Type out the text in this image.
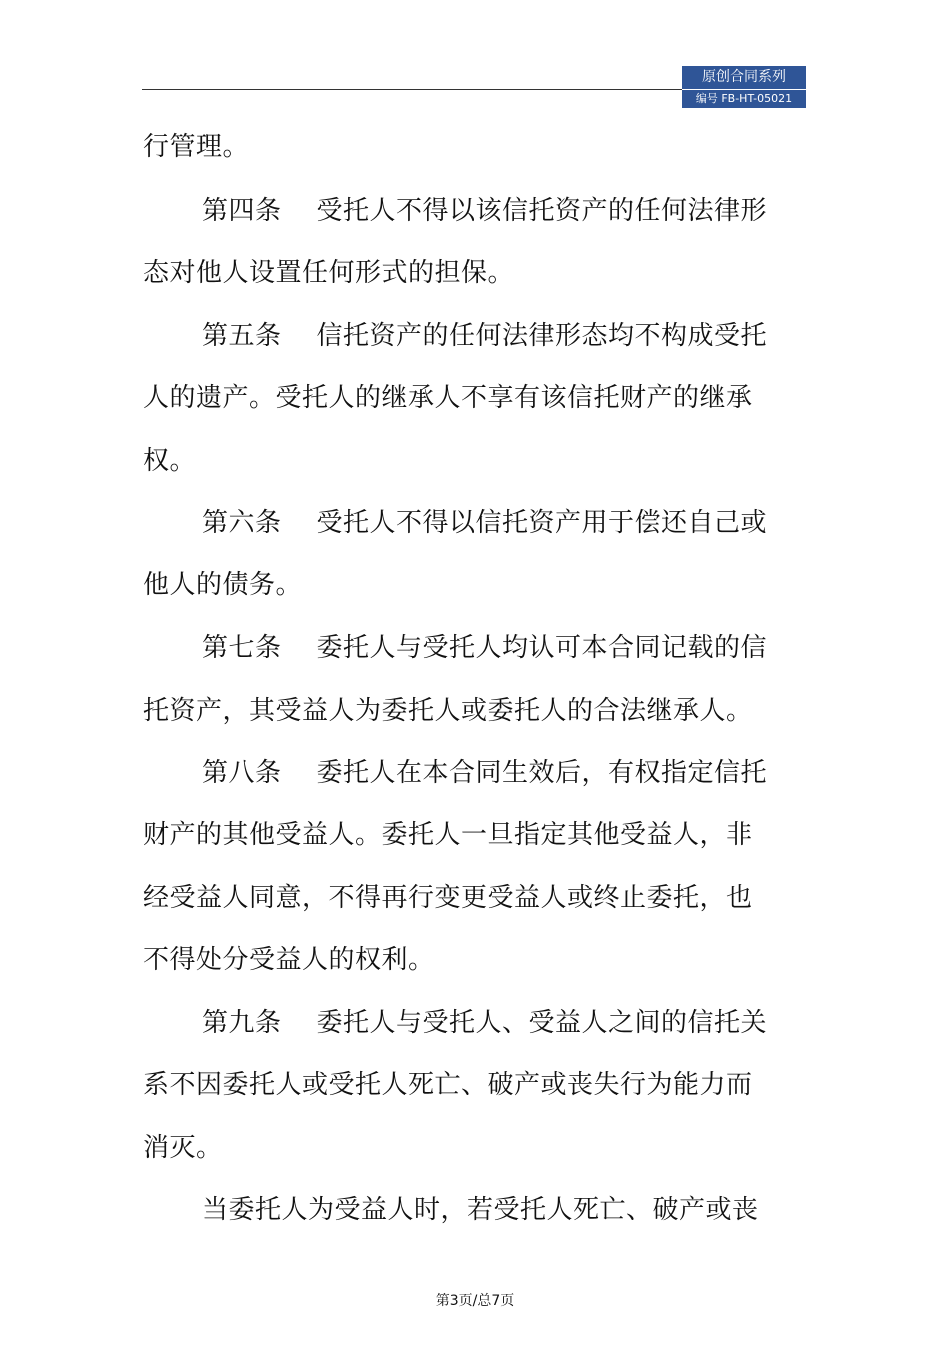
原创合同系列
编号 FB-HT-05021
行管理。
第四条    受托人不得以该信托资产的任何法律形
态对他人设置任何形式的担保。
第五条    信托资产的任何法律形态均不构成受托
人的遗产。受托人的继承人不享有该信托财产的继承
权。
第六条    受托人不得以信托资产用于偿还自己或
他人的债务。
第七条    委托人与受托人均认可本合同记载的信
托资产，其受益人为委托人或委托人的合法继承人。
第八条    委托人在本合同生效后，有权指定信托
财产的其他受益人。委托人一旦指定其他受益人，非
经受益人同意，不得再行变更受益人或终止委托，也
不得处分受益人的权利。
第九条    委托人与受托人、受益人之间的信托关
系不因委托人或受托人死亡、破产或丧失行为能力而
消灭。
当委托人为受益人时，若受托人死亡、破产或丧
第3页/总7页
